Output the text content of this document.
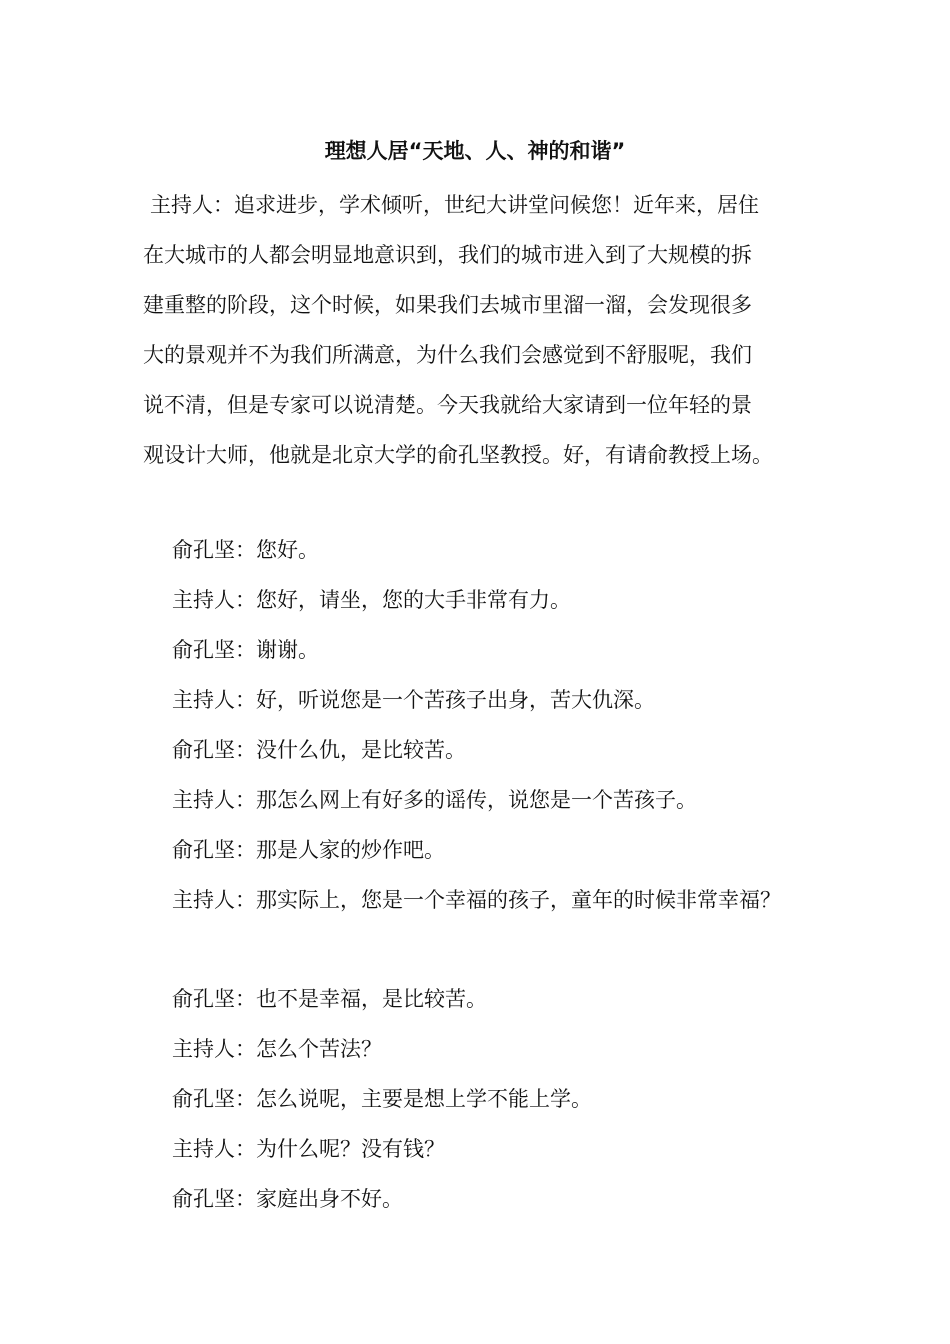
理想人居“天地、人、神的和谐”
主持人：追求进步，学术倾听，世纪大讲堂问候您！近年来，居住
在大城市的人都会明显地意识到，我们的城市进入到了大规模的拆
建重整的阶段，这个时候，如果我们去城市里溜一溜，会发现很多
大的景观并不为我们所满意，为什么我们会感觉到不舒服呢，我们
说不清，但是专家可以说清楚。今天我就给大家请到一位年轻的景
观设计大师，他就是北京大学的俞孔坚教授。好，有请俞教授上场。
俞孔坚：您好。
主持人：您好，请坐，您的大手非常有力。
俞孔坚：谢谢。
主持人：好，听说您是一个苦孩子出身，苦大仇深。
俞孔坚：没什么仇，是比较苦。
主持人：那怎么网上有好多的谣传，说您是一个苦孩子。
俞孔坚：那是人家的炒作吧。
主持人：那实际上，您是一个幸福的孩子，童年的时候非常幸福？
俞孔坚：也不是幸福，是比较苦。
主持人：怎么个苦法？
俞孔坚：怎么说呢，主要是想上学不能上学。
主持人：为什么呢？没有钱？
俞孔坚：家庭出身不好。
